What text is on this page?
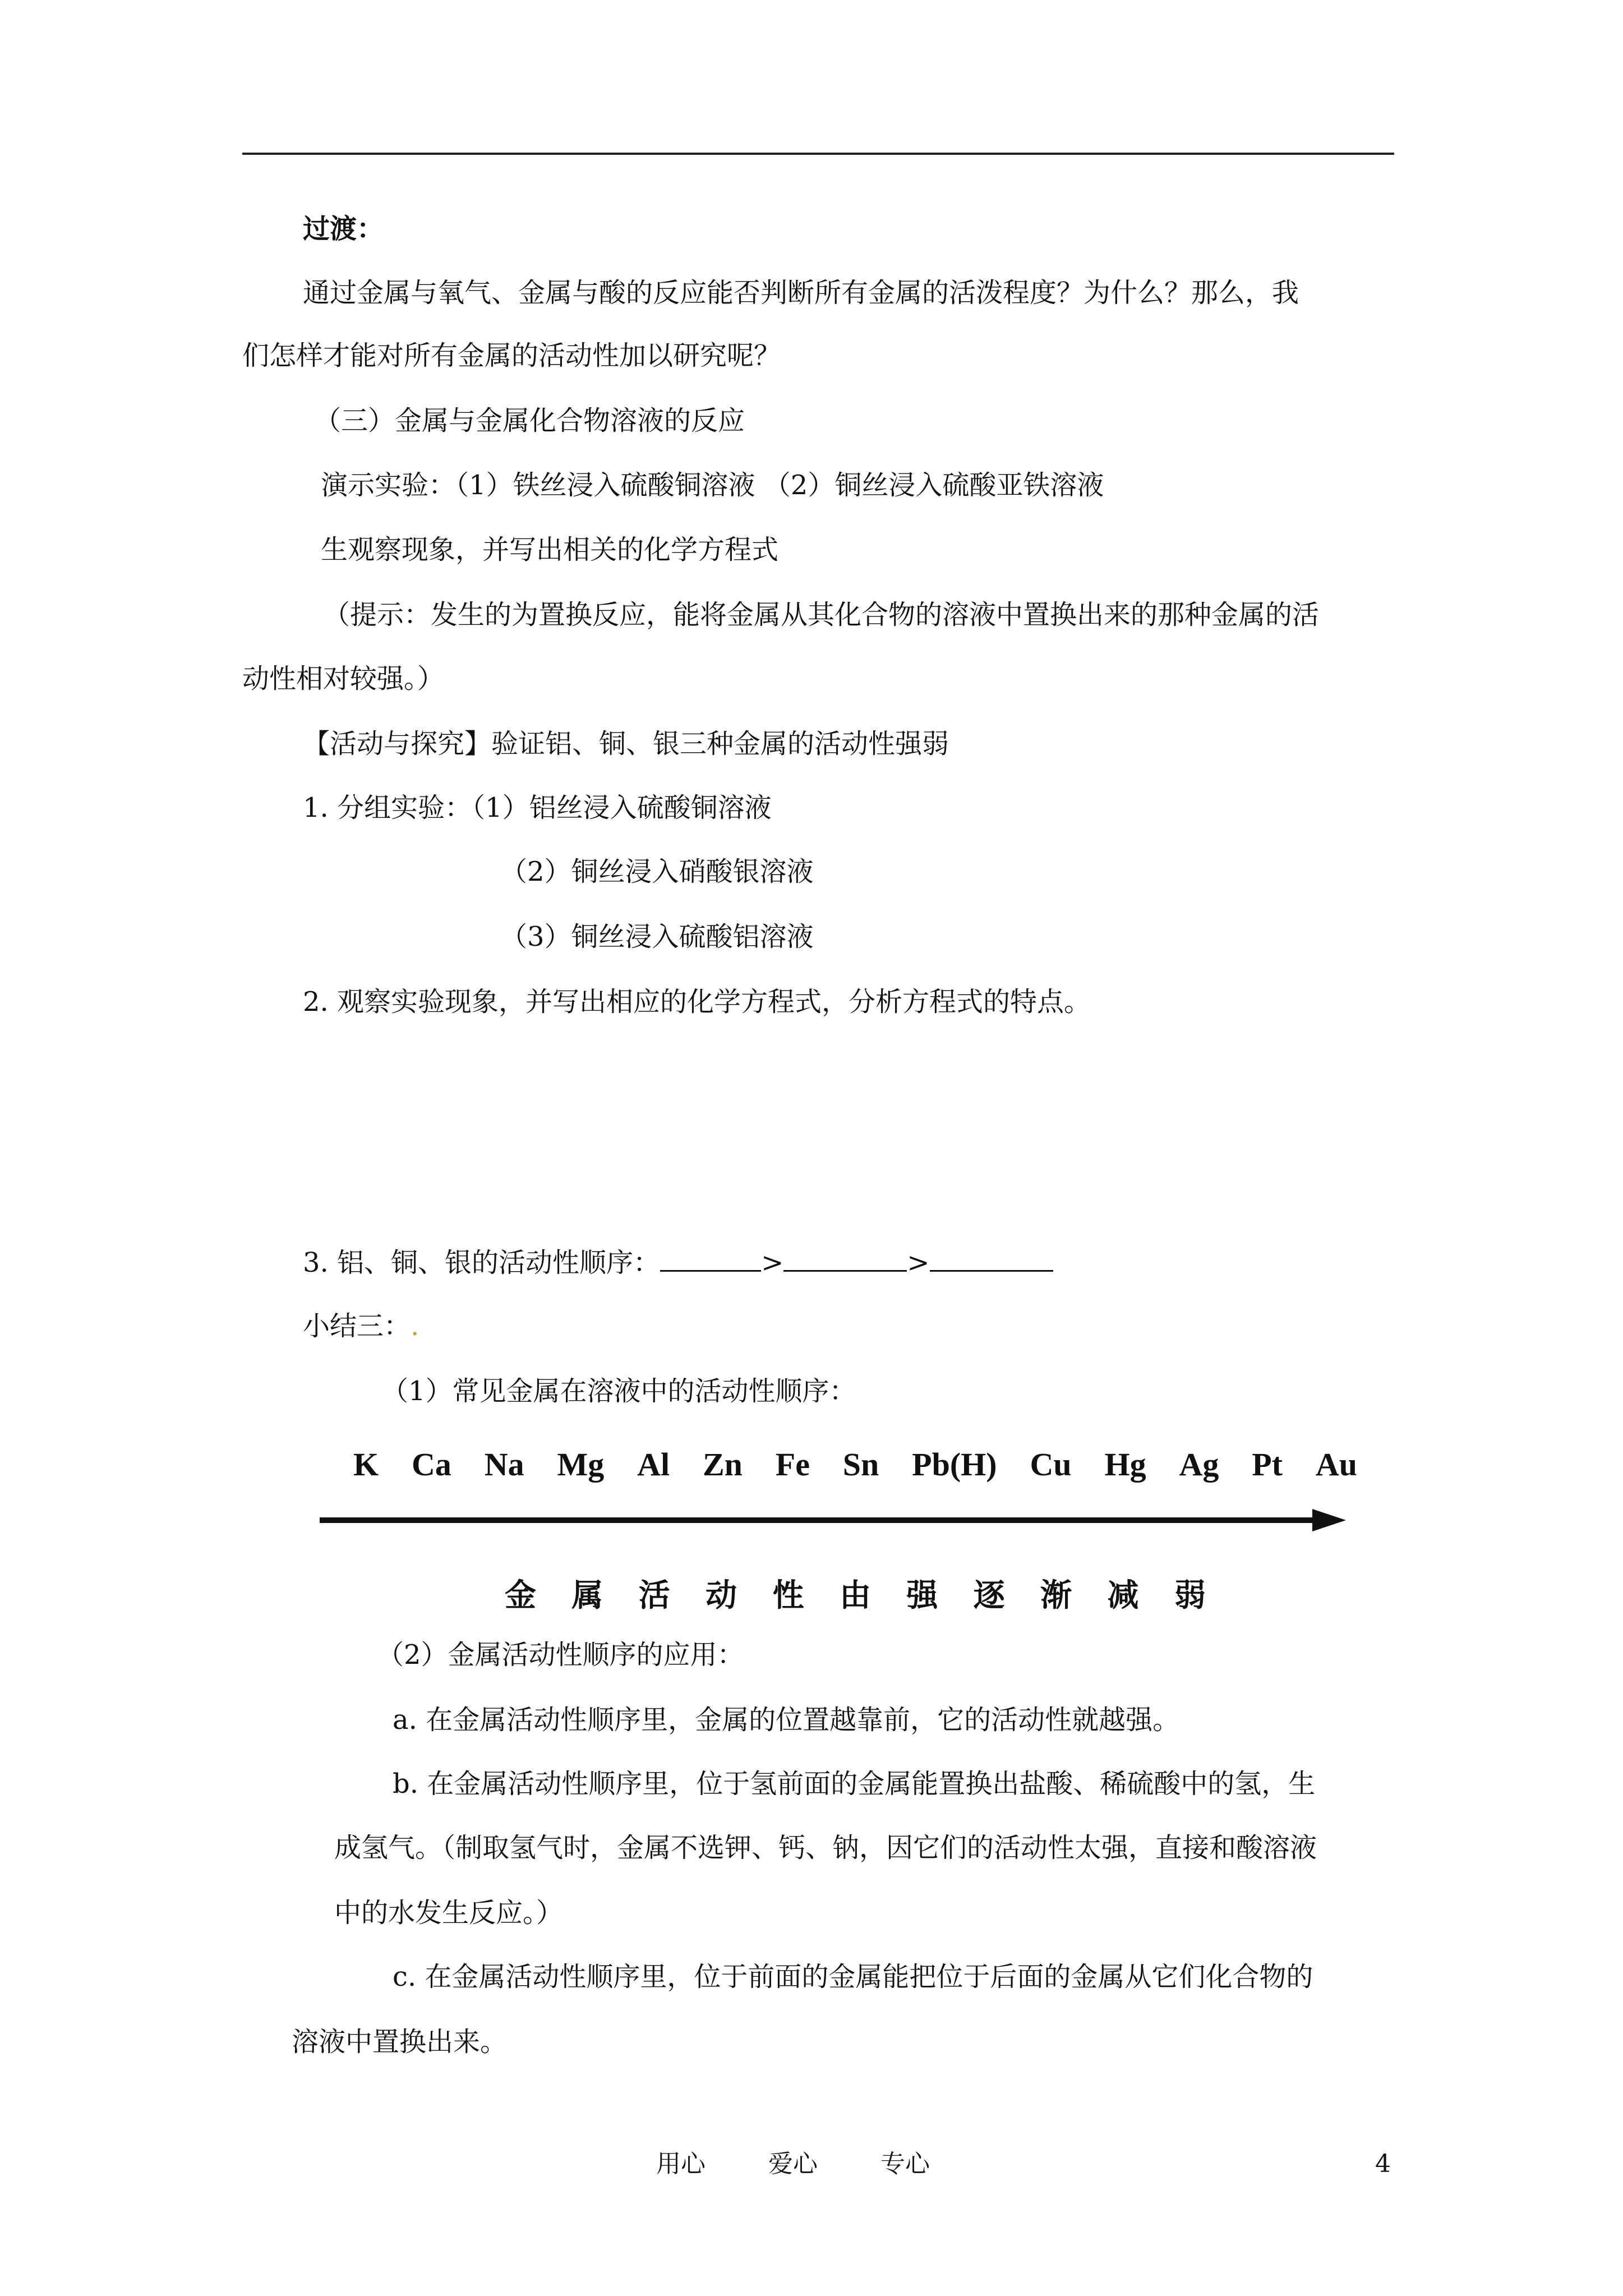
过渡：
通过金属与氧气、金属与酸的反应能否判断所有金属的活泼程度？为什么？那么，我
们怎样才能对所有金属的活动性加以研究呢？
（三）金属与金属化合物溶液的反应
演示实验：（1）铁丝浸入硫酸铜溶液 （2）铜丝浸入硫酸亚铁溶液
生观察现象，并写出相关的化学方程式
（提示：发生的为置换反应，能将金属从其化合物的溶液中置换出来的那种金属的活
动性相对较强。）
【活动与探究】验证铝、铜、银三种金属的活动性强弱
1. 分组实验：（1）铝丝浸入硫酸铜溶液
（2）铜丝浸入硝酸银溶液
（3）铜丝浸入硫酸铝溶液
2. 观察实验现象，并写出相应的化学方程式，分析方程式的特点。
3. 铝、铜、银的活动性顺序：	>	>
小结三：.
（1）常见金属在溶液中的活动性顺序：
K Ca Na Mg Al Zn Fe Sn Pb(H) Cu Hg Ag Pt Au
金 属 活 动 性 由 强 逐 渐 减 弱
（2）金属活动性顺序的应用：
a. 在金属活动性顺序里，金属的位置越靠前，它的活动性就越强。
b. 在金属活动性顺序里，位于氢前面的金属能置换出盐酸、稀硫酸中的氢，生
成氢气。（制取氢气时，金属不选钾、钙、钠，因它们的活动性太强，直接和酸溶液
中的水发生反应。）
c. 在金属活动性顺序里，位于前面的金属能把位于后面的金属从它们化合物的
溶液中置换出来。
用心	爱心	专心	4
